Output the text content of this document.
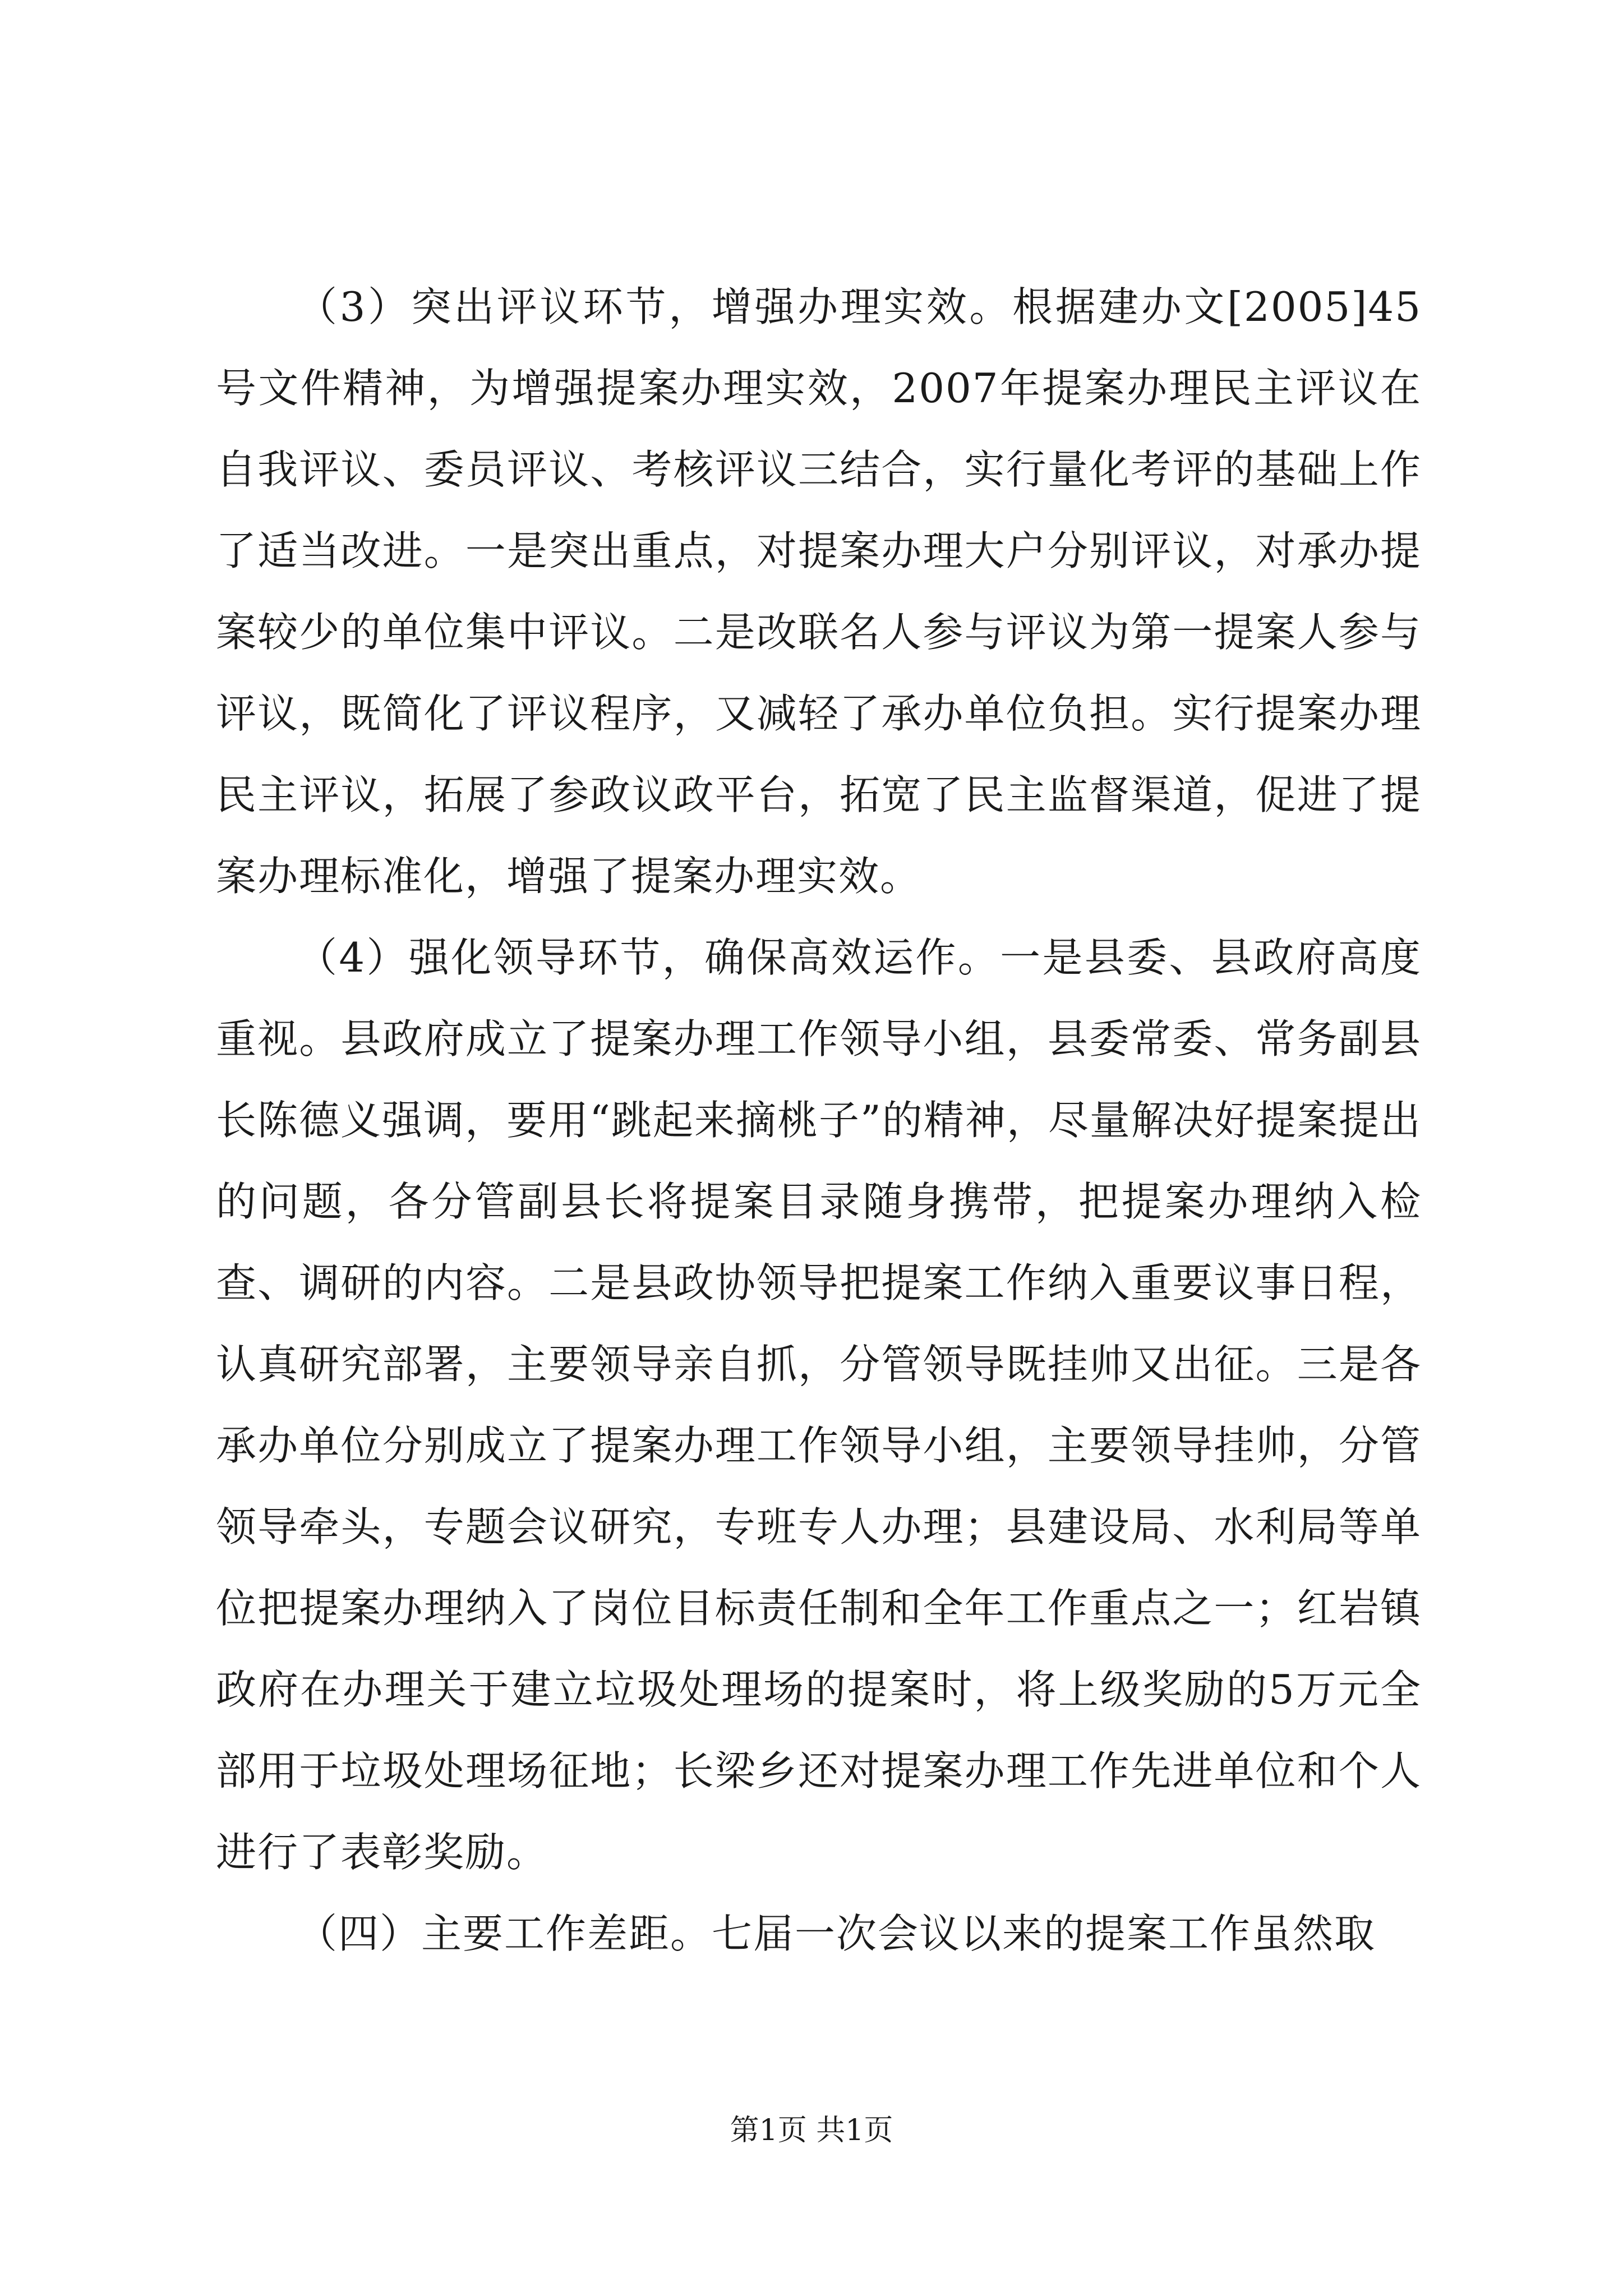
（3）突出评议环节，增强办理实效。根据建办文[2005]45号文件精神，为增强提案办理实效，2007年提案办理民主评议在自我评议、委员评议、考核评议三结合，实行量化考评的基础上作了适当改进。一是突出重点，对提案办理大户分别评议，对承办提案较少的单位集中评议。二是改联名人参与评议为第一提案人参与评议，既简化了评议程序，又减轻了承办单位负担。实行提案办理民主评议，拓展了参政议政平台，拓宽了民主监督渠道，促进了提案办理标准化，增强了提案办理实效。

（4）强化领导环节，确保高效运作。一是县委、县政府高度重视。县政府成立了提案办理工作领导小组，县委常委、常务副县长陈德义强调，要用“跳起来摘桃子”的精神，尽量解决好提案提出的问题，各分管副县长将提案目录随身携带，把提案办理纳入检查、调研的内容。二是县政协领导把提案工作纳入重要议事日程，认真研究部署，主要领导亲自抓，分管领导既挂帅又出征。三是各承办单位分别成立了提案办理工作领导小组，主要领导挂帅，分管领导牵头，专题会议研究，专班专人办理；县建设局、水利局等单位把提案办理纳入了岗位目标责任制和全年工作重点之一；红岩镇政府在办理关于建立垃圾处理场的提案时，将上级奖励的5万元全部用于垃圾处理场征地；长梁乡还对提案办理工作先进单位和个人进行了表彰奖励。

（四）主要工作差距。七届一次会议以来的提案工作虽然取

第1页 共1页
